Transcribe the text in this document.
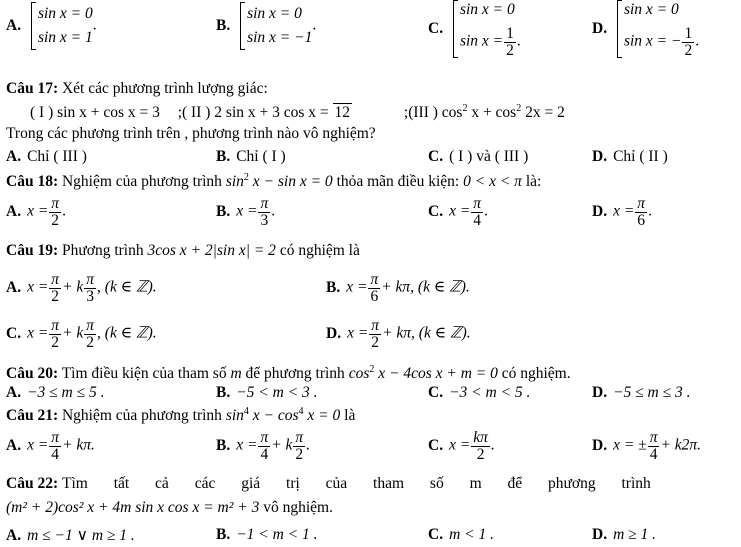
A.
sin x = 0
sin x = 1
.	B.
sin x = 0
sin x = −1
.	C.
sin x = 0
$\sin x = \frac{1}{2}$ .
D.
sin x = 0
sin x = − $\frac{1}{2}$ .
Câu 17: Xét các phương trình lượng giác:
( I ) sin x + cos x = 3 ;( II ) 2 sin x + 3 cos x = 12	;(III ) $\cos^2 x + \cos^2 2x = 2$
Trong các phương trình trên , phương trình nào vô nghiệm?
A. Chỉ ( III )	B. Chỉ ( I )	C. ( I ) và ( III )	D. Chỉ ( II )
Câu 18: Nghiệm của phương trình $\sin^2 x - \sin x = 0$ thỏa mãn điều kiện: 0 < x < π là:
A. $x = \frac{\pi}{2}$ .	B. $x = \frac{\pi}{3}$ .	C. $x = \frac{\pi}{4}$ .	D. $x = \frac{\pi}{6}$ .
Câu 19: Phương trình 3cos x + 2|sin x| = 2 có nghiệm là
A. $x = \frac{\pi}{2} + k \frac{\pi}{3}$ , (k ∈ ℤ).	B. $x = \frac{\pi}{6} + k\pi$, (k ∈ ℤ).
C. $x = \frac{\pi}{2} + k \frac{\pi}{2}$ , (k ∈ ℤ).	D. $x = \frac{\pi}{2} + k\pi$, (k ∈ ℤ).
Câu 20: Tìm điều kiện của tham số m để phương trình $\cos^2 x - 4\cos$ x + m = 0 có nghiệm.
A. −3 ≤ m ≤ 5 .	B. −5 < m < 3 .	C. −3 < m < 5 .	D. −5 ≤ m ≤ 3 .
Câu 21: Nghiệm của phương trình $\sin^4 x - \cos^4 x = 0$ là
A. $x = \frac{\pi}{4} + k\pi$.	B. $x = \frac{\pi}{4} + k \frac{\pi}{2}$ .	C. $x = \frac{k\pi}{2}$ .	D. x = ± $\frac{\pi}{4} + k2\pi$.
Câu 22: Tìm tất cả các giá trị của tham số m để phương trình
(m² + 2)cos² x + 4m sin x cos x = m² + 3 vô nghiệm.
A. m ≤ −1 ∨ m ≥ 1 .	B. −1 < m < 1 .	C. m < 1 .	D. m ≥ 1 .
